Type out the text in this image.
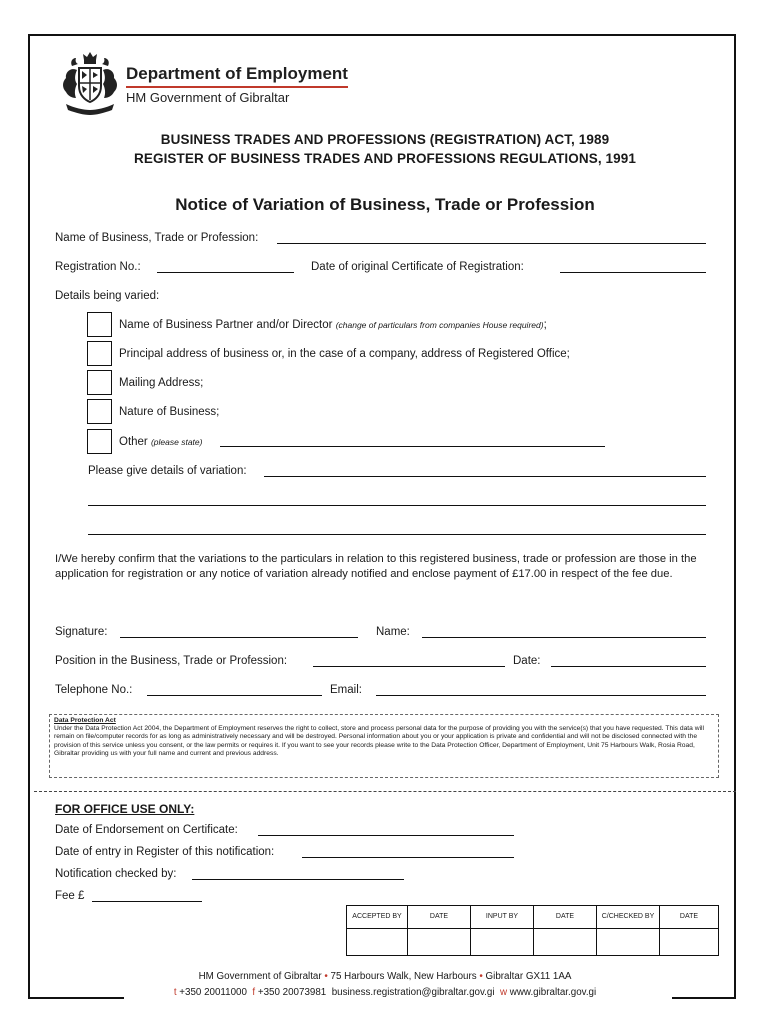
Department of Employment
HM Government of Gibraltar
BUSINESS TRADES AND PROFESSIONS (REGISTRATION) ACT, 1989
REGISTER OF BUSINESS TRADES AND PROFESSIONS REGULATIONS, 1991
Notice of Variation of Business, Trade or Profession
Name of Business, Trade or Profession:
Registration No.:	Date of original Certificate of Registration:
Details being varied:
Name of Business Partner and/or Director (change of particulars from companies House required);
Principal address of business or, in the case of a company, address of Registered Office;
Mailing Address;
Nature of Business;
Other (please state)
Please give details of variation:
I/We hereby confirm that the variations to the particulars in relation to this registered business, trade or profession are those in the application for registration or any notice of variation already notified and enclose payment of £17.00 in respect of the fee due.
Signature:	Name:
Position in the Business, Trade or Profession:	Date:
Telephone No.:	Email:
Data Protection Act
Under the Data Protection Act 2004, the Department of Employment reserves the right to collect, store and process personal data for the purpose of providing you with the service(s) that you have requested. This data will remain on file/computer records for as long as administratively necessary and will be destroyed. Personal information about you or your application is private and confidential and will not be disclosed connected with the provision of this service unless you consent, or the law permits or requires it. If you want to see your records please write to the Data Protection Officer, Department of Employment, Unit 75 Harbours Walk, Rosia Road, Gibraltar providing us with your full name and current and previous address.
FOR OFFICE USE ONLY:
Date of Endorsement on Certificate:
Date of entry in Register of this notification:
Notification checked by:
Fee £
ACCEPTED BY	DATE	INPUT BY	DATE	C/CHECKED BY	DATE

HM Government of Gibraltar • 75 Harbours Walk, New Harbours • Gibraltar GX11 1AA
t +350 20011000 f +350 20073981 business.registration@gibraltar.gov.gi w www.gibraltar.gov.gi
